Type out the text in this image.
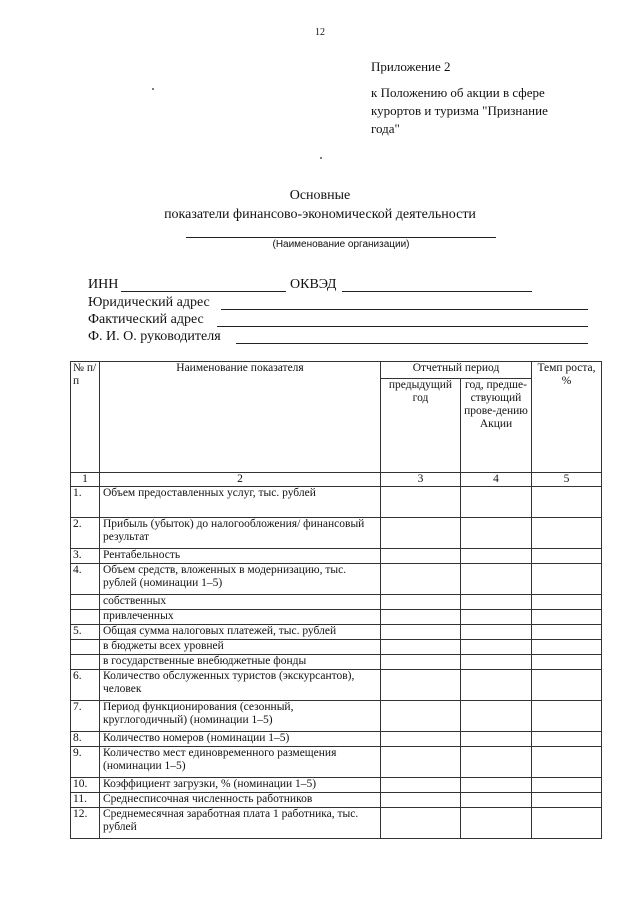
12
Приложение 2
к Положению об акции в сфере
курортов и туризма "Признание
года"
Основные
показатели финансово-экономической деятельности
(Наименование организации)
ИНН	ОКВЭД
Юридический адрес
Фактический адрес
Ф. И. О. руководителя
№ п/п	Наименование показателя	Отчетный период		Темп роста, %
		предыдущий год	год, предше-ствующий прове-дению Акции	
1	2	3	4	5
1.	Объем предоставленных услуг, тыс. рублей			
2.	Прибыль (убыток) до налогообложения/ финансовый результат			
3.	Рентабельность			
4.	Объем средств, вложенных в модернизацию, тыс. рублей (номинации 1–5)			
	собственных			
	привлеченных			
5.	Общая сумма налоговых платежей, тыс. рублей			
	в бюджеты всех уровней			
	в государственные внебюджетные фонды			
6.	Количество обслуженных туристов (экскурсантов), человек			
7.	Период функционирования (сезонный, круглогодичный) (номинации 1–5)			
8.	Количество номеров (номинации 1–5)			
9.	Количество мест единовременного размещения (номинации 1–5)			
10.	Коэффициент загрузки, % (номинации 1–5)			
11.	Среднесписочная численность работников			
12.	Среднемесячная заработная плата 1 работника, тыс. рублей			
